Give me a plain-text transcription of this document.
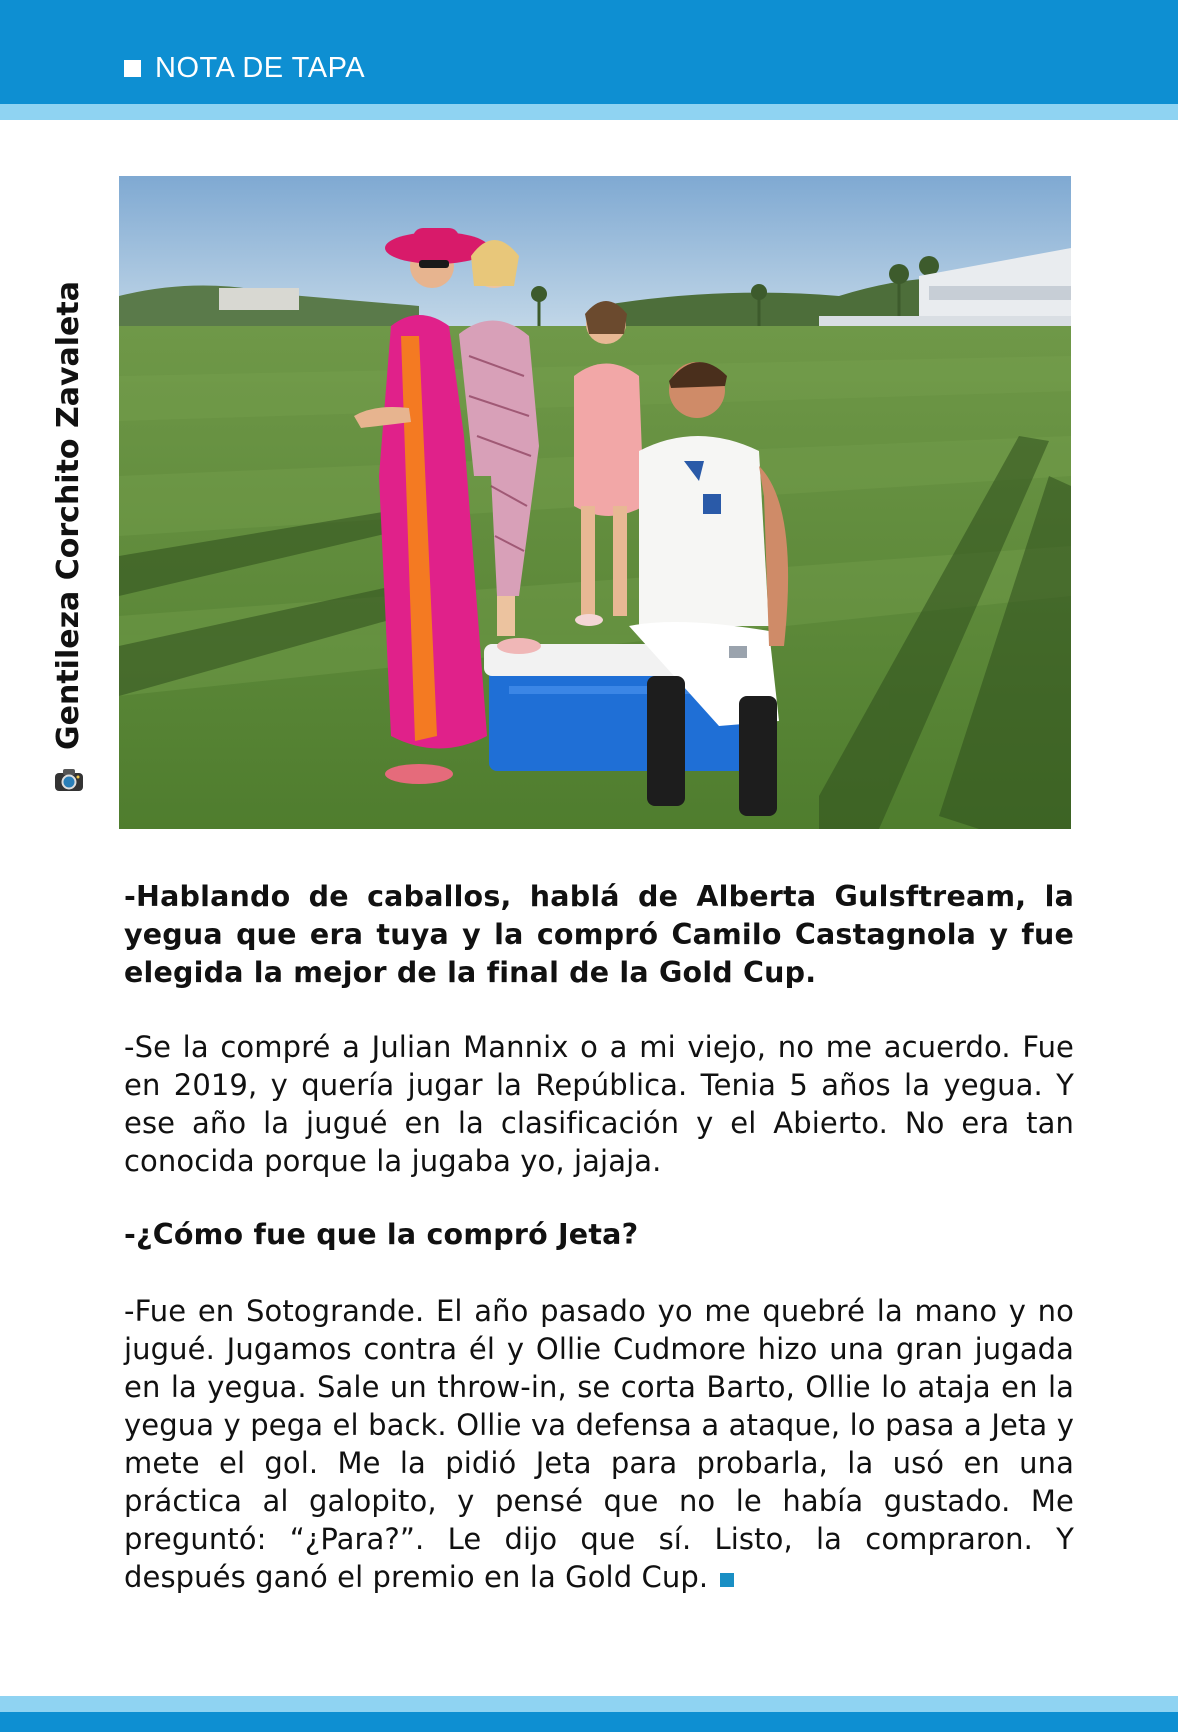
NOTA DE TAPA
Gentileza Corchito Zavaleta

-Hablando de caballos, hablá de Alberta Gulsftream, la yegua que era tuya y la compró Camilo Castagnola y fue elegida la mejor de la final de la Gold Cup.

-Se la compré a Julian Mannix o a mi viejo, no me acuerdo. Fue en 2019, y quería jugar la República. Tenia 5 años la yegua. Y ese año la jugué en la clasificación y el Abierto. No era tan conocida porque la jugaba yo, jajaja.

-¿Cómo fue que la compró Jeta?

-Fue en Sotogrande. El año pasado yo me quebré la mano y no jugué. Jugamos contra él y Ollie Cudmore hizo una gran jugada en la yegua. Sale un throw-in, se corta Barto, Ollie lo ataja en la yegua y pega el back. Ollie va defensa a ataque, lo pasa a Jeta y mete el gol. Me la pidió Jeta para probarla, la usó en una práctica al galopito, y pensé que no le había gustado. Me preguntó: “¿Para?”. Le dijo que sí. Listo, la compraron. Y después ganó el premio en la Gold Cup.
